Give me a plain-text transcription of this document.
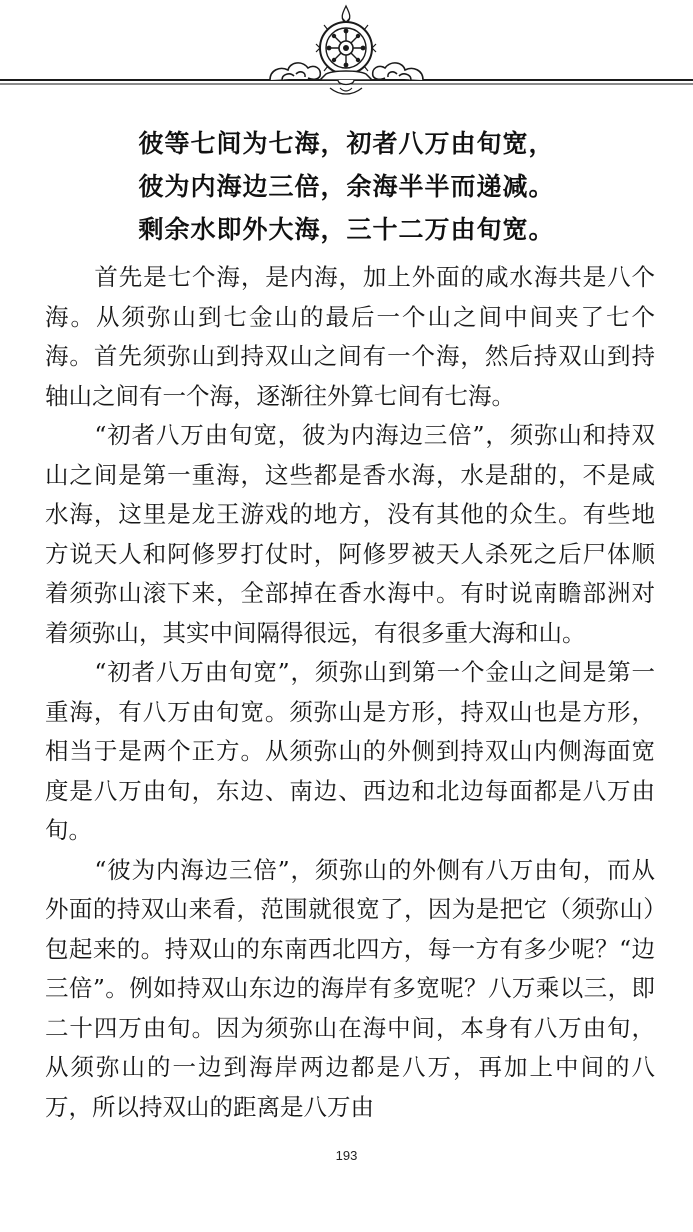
彼等七间为七海，初者八万由旬宽，
彼为内海边三倍，余海半半而递减。
剩余水即外大海，三十二万由旬宽。

首先是七个海，是内海，加上外面的咸水海共是八个海。从须弥山到七金山的最后一个山之间中间夹了七个海。首先须弥山到持双山之间有一个海，然后持双山到持轴山之间有一个海，逐渐往外算七间有七海。

“初者八万由旬宽，彼为内海边三倍”，须弥山和持双山之间是第一重海，这些都是香水海，水是甜的，不是咸水海，这里是龙王游戏的地方，没有其他的众生。有些地方说天人和阿修罗打仗时，阿修罗被天人杀死之后尸体顺着须弥山滚下来，全部掉在香水海中。有时说南瞻部洲对着须弥山，其实中间隔得很远，有很多重大海和山。

“初者八万由旬宽”，须弥山到第一个金山之间是第一重海，有八万由旬宽。须弥山是方形，持双山也是方形，相当于是两个正方。从须弥山的外侧到持双山内侧海面宽度是八万由旬，东边、南边、西边和北边每面都是八万由旬。

“彼为内海边三倍”，须弥山的外侧有八万由旬，而从外面的持双山来看，范围就很宽了，因为是把它（须弥山）包起来的。持双山的东南西北四方，每一方有多少呢？“边三倍”。例如持双山东边的海岸有多宽呢？八万乘以三，即二十四万由旬。因为须弥山在海中间，本身有八万由旬，从须弥山的一边到海岸两边都是八万，再加上中间的八万，所以持双山的距离是八万由

193
